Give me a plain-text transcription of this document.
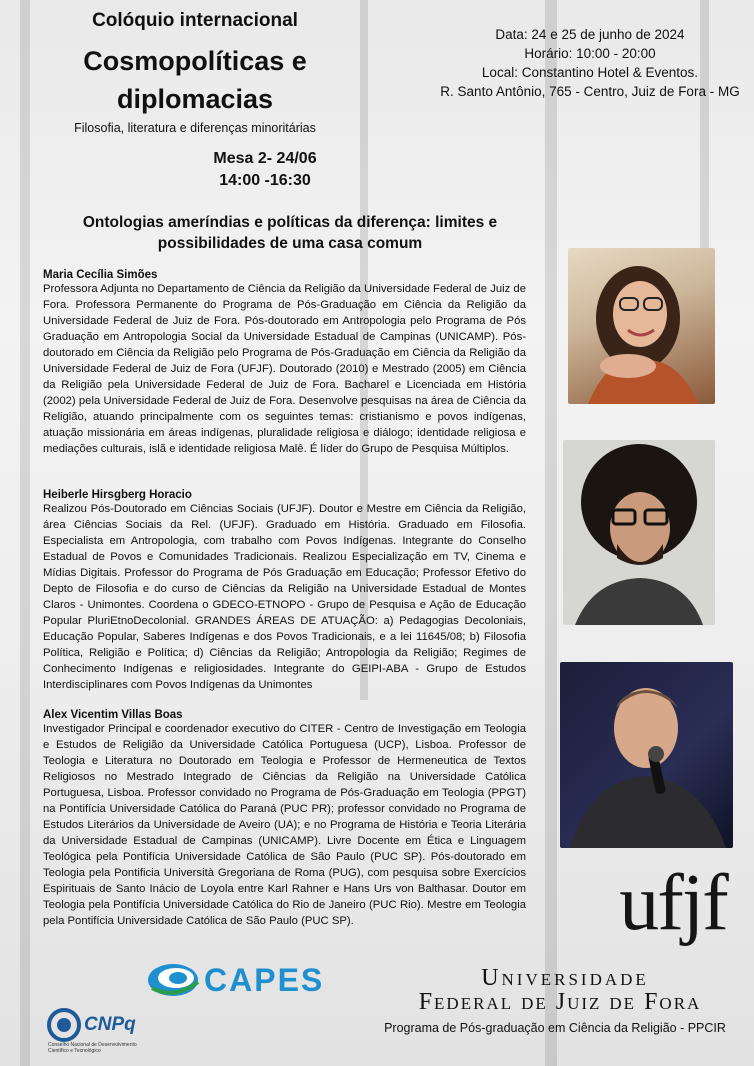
Colóquio internacional
Cosmopolíticas e
diplomacias
Filosofia, literatura e diferenças minoritárias
Mesa 2- 24/06
14:00 -16:30
Data: 24 e 25 de junho de 2024
Horário: 10:00 - 20:00
Local: Constantino Hotel & Eventos.
R. Santo Antônio, 765 - Centro, Juiz de Fora - MG
Ontologias ameríndias e políticas da diferença: limites e
possibilidades de uma casa comum
Maria Cecília Simões
Professora Adjunta no Departamento de Ciência da Religião da Universidade Federal de Juiz de Fora. Professora Permanente do Programa de Pós-Graduação em Ciência da Religião da Universidade Federal de Juiz de Fora. Pós-doutorado em Antropologia pelo Programa de Pós Graduação em Antropologia Social da Universidade Estadual de Campinas (UNICAMP). Pós-doutorado em Ciência da Religião pelo Programa de Pós-Graduação em Ciência da Religião da Universidade Federal de Juiz de Fora (UFJF). Doutorado (2010) e Mestrado (2005) em Ciência da Religião pela Universidade Federal de Juiz de Fora. Bacharel e Licenciada em História (2002) pela Universidade Federal de Juiz de Fora. Desenvolve pesquisas na área de Ciência da Religião, atuando principalmente com os seguintes temas: cristianismo e povos indígenas, atuação missionária em áreas indígenas, pluralidade religiosa e diálogo; identidade religiosa e mediações culturais, islã e identidade religiosa Malê. É líder do Grupo de Pesquisa Múltiplos.
Heiberle Hirsgberg Horacio
Realizou Pós-Doutorado em Ciências Sociais (UFJF). Doutor e Mestre em Ciência da Religião, área Ciências Sociais da Rel. (UFJF). Graduado em História. Graduado em Filosofia. Especialista em Antropologia, com trabalho com Povos Indígenas. Integrante do Conselho Estadual de Povos e Comunidades Tradicionais. Realizou Especialização em TV, Cinema e Mídias Digitais. Professor do Programa de Pós Graduação em Educação; Professor Efetivo do Depto de Filosofia e do curso de Ciências da Religião na Universidade Estadual de Montes Claros - Unimontes. Coordena o GDECO-ETNOPO - Grupo de Pesquisa e Ação de Educação Popular PluriEtnoDecolonial. GRANDES ÁREAS DE ATUAÇÃO: a) Pedagogias Decoloniais, Educação Popular, Saberes Indígenas e dos Povos Tradicionais, e a lei 11645/08; b) Filosofia Política, Religião e Política; d) Ciências da Religião; Antropologia da Religião; Regimes de Conhecimento Indígenas e religiosidades. Integrante do GEIPI-ABA - Grupo de Estudos Interdisciplinares com Povos Indígenas da Unimontes
Alex Vicentim Villas Boas
Investigador Principal e coordenador executivo do CITER - Centro de Investigação em Teologia e Estudos de Religião da Universidade Católica Portuguesa (UCP), Lisboa. Professor de Teologia e Literatura no Doutorado em Teologia e Professor de Hermeneutica de Textos Religiosos no Mestrado Integrado de Ciências da Religião na Universidade Católica Portuguesa, Lisboa. Professor convidado no Programa de Pós-Graduação em Teologia (PPGT) na Pontifícia Universidade Católica do Paraná (PUC PR); professor convidado no Programa de Estudos Literários da Universidade de Aveiro (UA); e no Programa de História e Teoria Literária da Universidade Estadual de Campinas (UNICAMP). Livre Docente em Ética e Linguagem Teológica pela Pontifícia Universidade Católica de São Paulo (PUC SP). Pós-doutorado em Teologia pela Pontificia Università Gregoriana de Roma (PUG), com pesquisa sobre Exercícios Espirituais de Santo Inácio de Loyola entre Karl Rahner e Hans Urs von Balthasar. Doutor em Teologia pela Pontifícia Universidade Católica do Rio de Janeiro (PUC Rio). Mestre em Teologia pela Pontifícia Universidade Católica de São Paulo (PUC SP).	ufjf
Universidade
Federal de Juiz de Fora
Programa de Pós-graduação em Ciência da Religião - PPCIR
CAPES
CNPq
Conselho Nacional de Desenvolvimento Científico e Tecnológico
